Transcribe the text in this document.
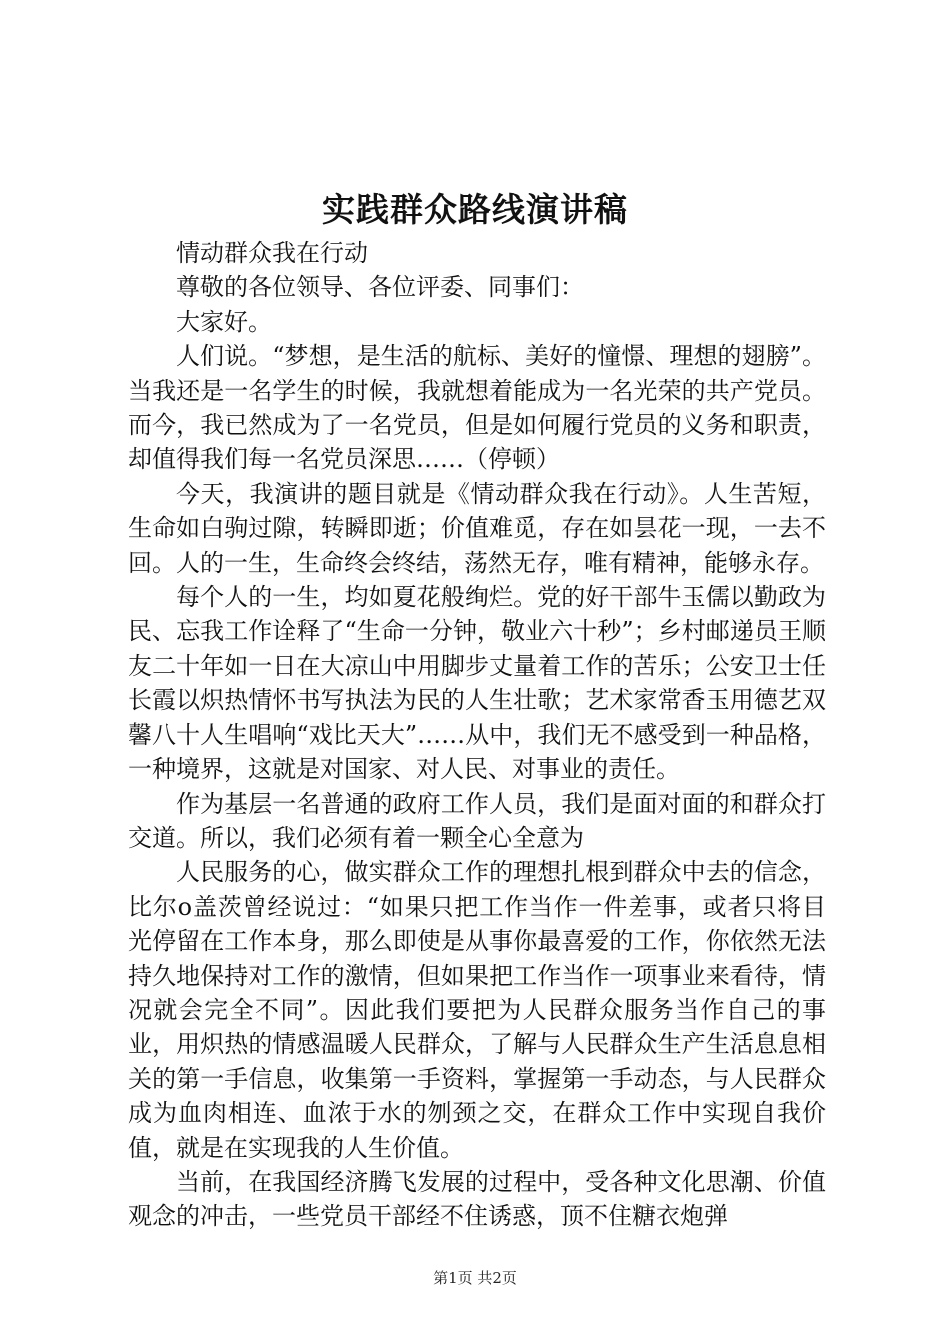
实践群众路线演讲稿

情动群众我在行动

尊敬的各位领导、各位评委、同事们：

大家好。

人们说。“梦想，是生活的航标、美好的憧憬、理想的翅膀”。当我还是一名学生的时候，我就想着能成为一名光荣的共产党员。而今，我已然成为了一名党员，但是如何履行党员的义务和职责，却值得我们每一名党员深思……（停顿）

今天，我演讲的题目就是《情动群众我在行动》。人生苦短，生命如白驹过隙，转瞬即逝；价值难觅，存在如昙花一现，一去不回。人的一生，生命终会终结，荡然无存，唯有精神，能够永存。

每个人的一生，均如夏花般绚烂。党的好干部牛玉儒以勤政为民、忘我工作诠释了“生命一分钟，敬业六十秒”；乡村邮递员王顺友二十年如一日在大凉山中用脚步丈量着工作的苦乐；公安卫士任长霞以炽热情怀书写执法为民的人生壮歌；艺术家常香玉用德艺双馨八十人生唱响“戏比天大”……从中，我们无不感受到一种品格，一种境界，这就是对国家、对人民、对事业的责任。

作为基层一名普通的政府工作人员，我们是面对面的和群众打交道。所以，我们必须有着一颗全心全意为

人民服务的心，做实群众工作的理想扎根到群众中去的信念，比尔o盖茨曾经说过：“如果只把工作当作一件差事，或者只将目光停留在工作本身，那么即使是从事你最喜爱的工作，你依然无法持久地保持对工作的激情，但如果把工作当作一项事业来看待，情况就会完全不同”。因此我们要把为人民群众服务当作自己的事业，用炽热的情感温暖人民群众，了解与人民群众生产生活息息相关的第一手信息，收集第一手资料，掌握第一手动态，与人民群众成为血肉相连、血浓于水的刎颈之交，在群众工作中实现自我价值，就是在实现我的人生价值。

当前，在我国经济腾飞发展的过程中，受各种文化思潮、价值观念的冲击，一些党员干部经不住诱惑，顶不住糖衣炮弹

第1页 共2页
